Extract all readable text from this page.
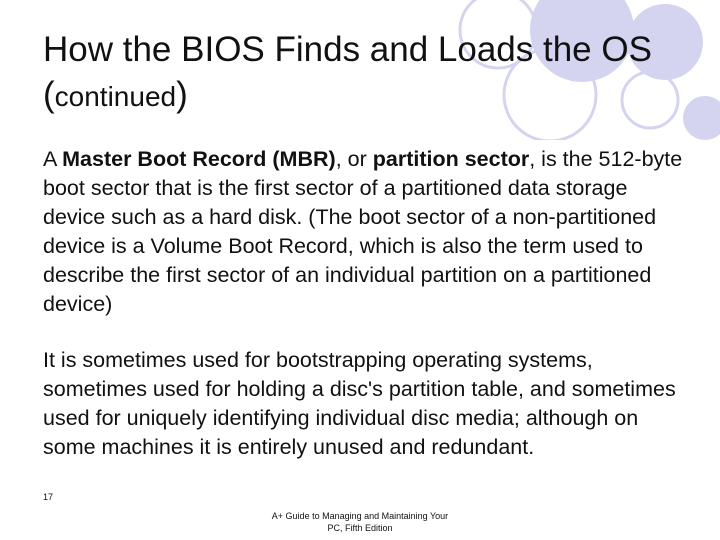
How the BIOS Finds and Loads the OS (continued)

A Master Boot Record (MBR), or partition sector, is the 512-byte boot sector that is the first sector of a partitioned data storage device such as a hard disk. (The boot sector of a non-partitioned device is a Volume Boot Record, which is also the term used to describe the first sector of an individual partition on a partitioned device)

It is sometimes used for bootstrapping operating systems, sometimes used for holding a disc's partition table, and sometimes used for uniquely identifying individual disc media; although on some machines it is entirely unused and redundant.

17
A+ Guide to Managing and Maintaining Your
PC, Fifth Edition
